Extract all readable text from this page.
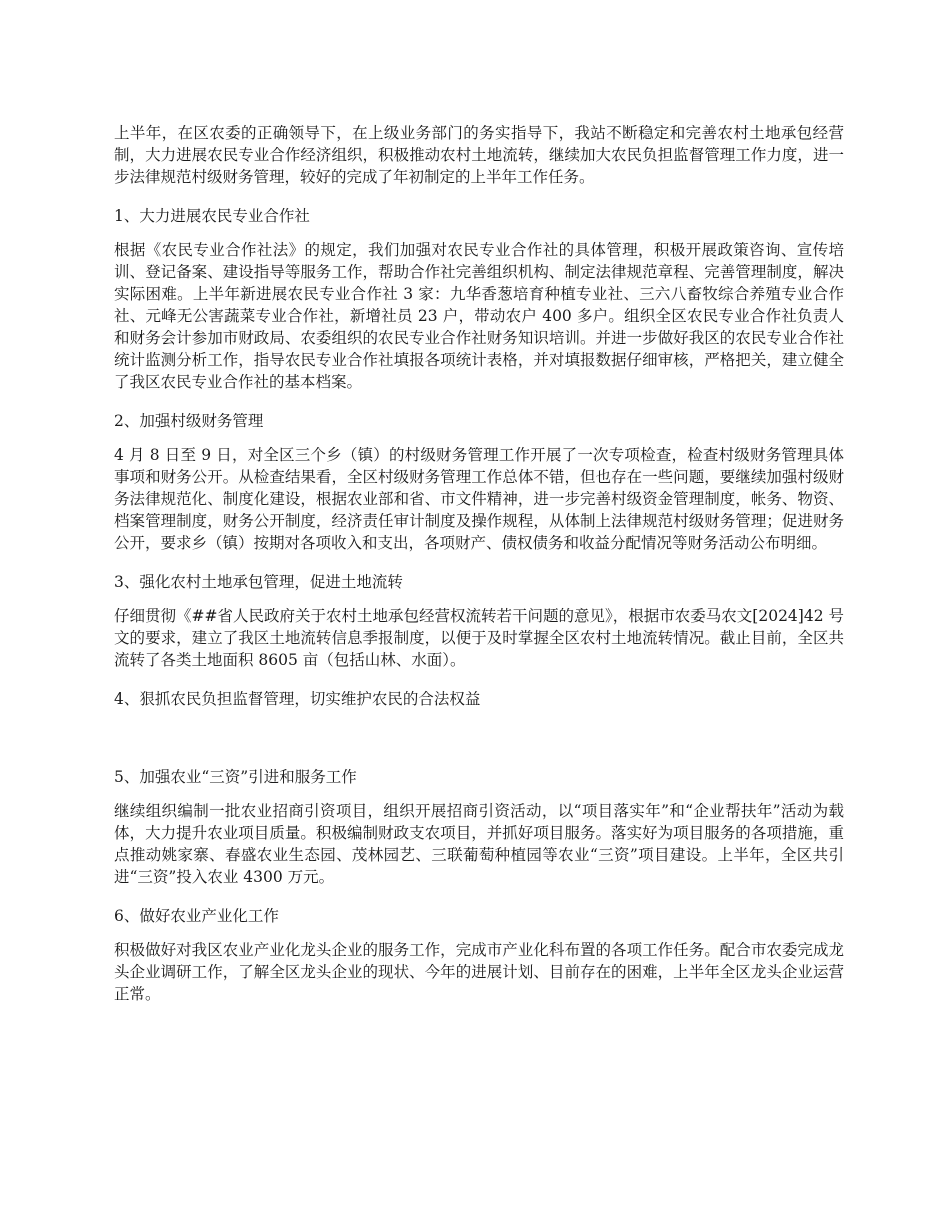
上半年，在区农委的正确领导下，在上级业务部门的务实指导下，我站不断稳定和完善农村土地承包经营制，大力进展农民专业合作经济组织，积极推动农村土地流转，继续加大农民负担监督管理工作力度，进一步法律规范村级财务管理，较好的完成了年初制定的上半年工作任务。

1、大力进展农民专业合作社

根据《农民专业合作社法》的规定，我们加强对农民专业合作社的具体管理，积极开展政策咨询、宣传培训、登记备案、建设指导等服务工作，帮助合作社完善组织机构、制定法律规范章程、完善管理制度，解决实际困难。上半年新进展农民专业合作社 3 家：九华香葱培育种植专业社、三六八畜牧综合养殖专业合作社、元峰无公害蔬菜专业合作社，新增社员 23 户，带动农户 400 多户。组织全区农民专业合作社负责人和财务会计参加市财政局、农委组织的农民专业合作社财务知识培训。并进一步做好我区的农民专业合作社统计监测分析工作，指导农民专业合作社填报各项统计表格，并对填报数据仔细审核，严格把关，建立健全了我区农民专业合作社的基本档案。

2、加强村级财务管理

4 月 8 日至 9 日，对全区三个乡（镇）的村级财务管理工作开展了一次专项检查，检查村级财务管理具体事项和财务公开。从检查结果看，全区村级财务管理工作总体不错，但也存在一些问题，要继续加强村级财务法律规范化、制度化建设，根据农业部和省、市文件精神，进一步完善村级资金管理制度，帐务、物资、档案管理制度，财务公开制度，经济责任审计制度及操作规程，从体制上法律规范村级财务管理；促进财务公开，要求乡（镇）按期对各项收入和支出，各项财产、债权债务和收益分配情况等财务活动公布明细。

3、强化农村土地承包管理，促进土地流转

仔细贯彻《##省人民政府关于农村土地承包经营权流转若干问题的意见》，根据市农委马农文[2024]42 号文的要求，建立了我区土地流转信息季报制度，以便于及时掌握全区农村土地流转情况。截止目前，全区共流转了各类土地面积 8605 亩（包括山林、水面）。

4、狠抓农民负担监督管理，切实维护农民的合法权益

5、加强农业“三资”引进和服务工作

继续组织编制一批农业招商引资项目，组织开展招商引资活动，以“项目落实年”和“企业帮扶年”活动为载体，大力提升农业项目质量。积极编制财政支农项目，并抓好项目服务。落实好为项目服务的各项措施，重点推动姚家寨、春盛农业生态园、茂林园艺、三联葡萄种植园等农业“三资”项目建设。上半年，全区共引进“三资”投入农业 4300 万元。

6、做好农业产业化工作

积极做好对我区农业产业化龙头企业的服务工作，完成市产业化科布置的各项工作任务。配合市农委完成龙头企业调研工作，了解全区龙头企业的现状、今年的进展计划、目前存在的困难，上半年全区龙头企业运营正常。
